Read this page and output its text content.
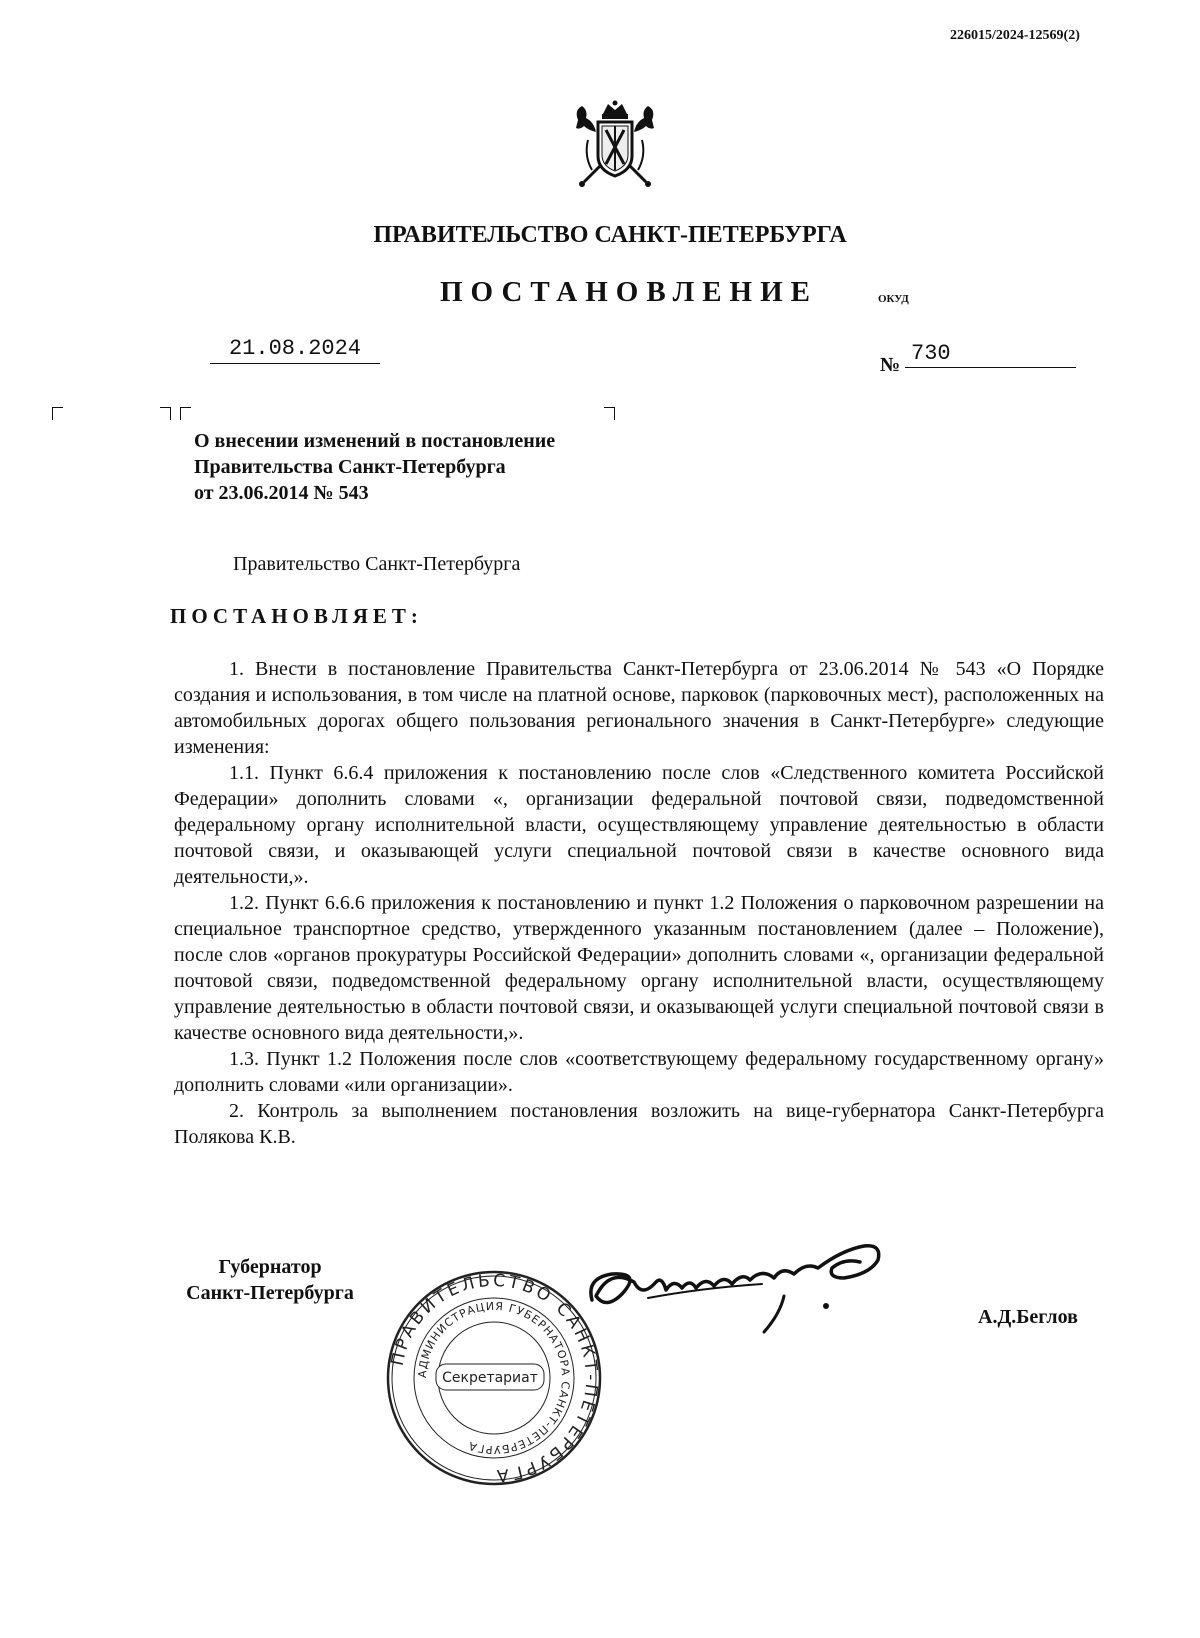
226015/2024-12569(2)
ПРАВИТЕЛЬСТВО САНКТ-ПЕТЕРБУРГА
ПОСТАНОВЛЕНИЕ	ОКУД
21.08.2024
№ 730
О внесении изменений в постановление
Правительства Санкт-Петербурга
от 23.06.2014 № 543
Правительство Санкт-Петербурга
ПОСТАНОВЛЯЕТ:

1. Внести в постановление Правительства Санкт-Петербурга от 23.06.2014 № 543 «О Порядке создания и использования, в том числе на платной основе, парковок (парковочных мест), расположенных на автомобильных дорогах общего пользования регионального значения в Санкт-Петербурге» следующие изменения:

1.1. Пункт 6.6.4 приложения к постановлению после слов «Следственного комитета Российской Федерации» дополнить словами «, организации федеральной почтовой связи, подведомственной федеральному органу исполнительной власти, осуществляющему управление деятельностью в области почтовой связи, и оказывающей услуги специальной почтовой связи в качестве основного вида деятельности,».

1.2. Пункт 6.6.6 приложения к постановлению и пункт 1.2 Положения о парковочном разрешении на специальное транспортное средство, утвержденного указанным постановлением (далее – Положение), после слов «органов прокуратуры Российской Федерации» дополнить словами «, организации федеральной почтовой связи, подведомственной федеральному органу исполнительной власти, осуществляющему управление деятельностью в области почтовой связи, и оказывающей услуги специальной почтовой связи в качестве основного вида деятельности,».

1.3. Пункт 1.2 Положения после слов «соответствующему федеральному государственному органу» дополнить словами «или организации».

2. Контроль за выполнением постановления возложить на вице-губернатора Санкт-Петербурга Полякова К.В.

Губернатор
Санкт-Петербурга
ПРАВИТЕЛЬСТВО САНКТ-ПЕТЕРБУРГА
АДМИНИСТРАЦИЯ ГУБЕРНАТОРА САНКТ-ПЕТЕРБУРГА
Секретариат
А.Д.Беглов
